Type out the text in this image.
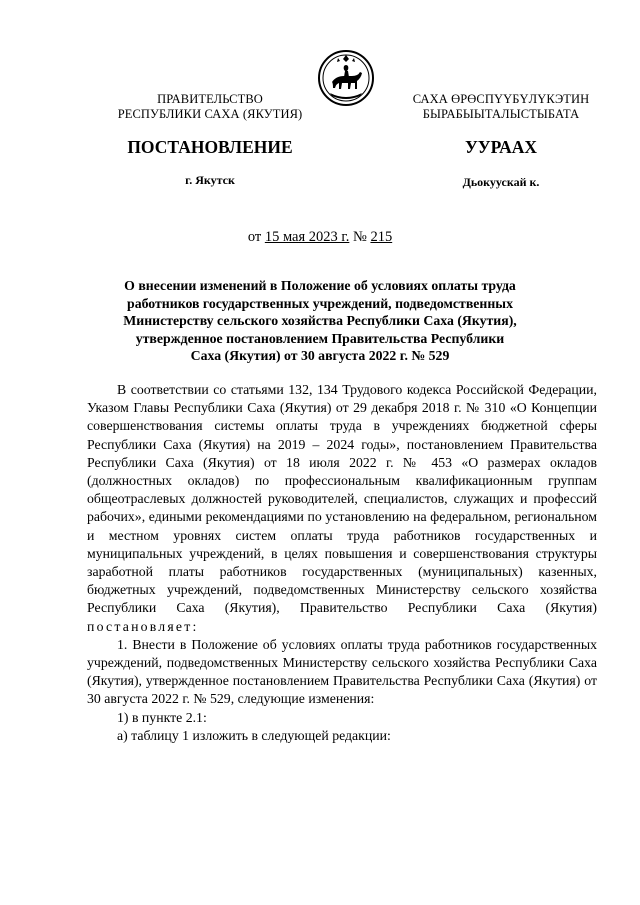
ПРАВИТЕЛЬСТВО
РЕСПУБЛИКИ САХА (ЯКУТИЯ)
САХА ӨРӨСПҮҮБҮЛҮКЭТИН
БЫРАБЫЫТАЛЫСТЫБАТА
ПОСТАНОВЛЕНИЕ	УУРААХ
г. Якутск	Дьокуускай к.
от 15 мая 2023 г. № 215
О внесении изменений в Положение об условиях оплаты труда
работников государственных учреждений, подведомственных
Министерству сельского хозяйства Республики Саха (Якутия),
утвержденное постановлением Правительства Республики
Саха (Якутия) от 30 августа 2022 г. № 529

В соответствии со статьями 132, 134 Трудового кодекса Российской Федерации, Указом Главы Республики Саха (Якутия) от 29 декабря 2018 г. № 310 «О Концепции совершенствования системы оплаты труда в учреждениях бюджетной сферы Республики Саха (Якутия) на 2019 – 2024 годы», постановлением Правительства Республики Саха (Якутия) от 18 июля 2022 г. № 453 «О размерах окладов (должностных окладов) по профессиональным квалификационным группам общеотраслевых должностей руководителей, специалистов, служащих и профессий рабочих», едиными рекомендациями по установлению на федеральном, региональном и местном уровнях систем оплаты труда работников государственных и муниципальных учреждений, в целях повышения и совершенствования структуры заработной платы работников государственных (муниципальных) казенных, бюджетных учреждений, подведомственных Министерству сельского хозяйства Республики Саха (Якутия), Правительство Республики Саха (Якутия) постановляет:

1. Внести в Положение об условиях оплаты труда работников государственных учреждений, подведомственных Министерству сельского хозяйства Республики Саха (Якутия), утвержденное постановлением Правительства Республики Саха (Якутия) от 30 августа 2022 г. № 529, следующие изменения:

1) в пункте 2.1:

а) таблицу 1 изложить в следующей редакции:
